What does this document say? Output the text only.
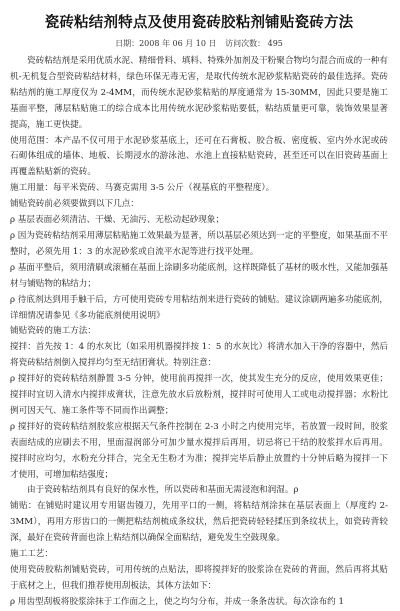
瓷砖粘结剂特点及使用瓷砖胶粘剂铺贴瓷砖方法
日期：2008 年 06 月 10 日 访问次数： 495

瓷砖粘结剂是采用优质水泥、精细骨料、填料、特殊外加剂及干粉聚合物均匀混合而成的一种有机-无机复合型瓷砖粘结材料，绿色环保无毒无害，是取代传统水泥砂浆粘贴瓷砖的最佳选择。瓷砖粘结剂的施工厚度仅为 2-4MM，而传统水泥砂浆粘贴的厚度通常为 15-30MM，因此只要是施工基面平整，薄层粘贴施工的综合成本比用传统水泥砂浆粘贴要低，粘结质量更可靠，装饰效果显著提高，施工更快捷。

使用范围：本产品不仅可用于水泥砂浆基底上，还可在石膏板、胶合板、密度板、室内外水泥或砖石砌体组成的墙体、地板、长期浸水的游泳池、水池上直接粘贴瓷砖，甚至还可以在旧瓷砖基面上再覆盖粘贴新的瓷砖。

施工用量：每平米瓷砖、马赛克需用 3-5 公斤（视基底的平整程度）。

铺贴瓷砖前必须要做到以下几点：

ρ 基层表面必须清洁、干燥、无油污、无松动起砂现象；

ρ 因为瓷砖粘结剂采用薄层粘贴施工效果最为显著，所以基层必须达到一定的平整度，如果基面不平整时，必须先用 1：3 的水泥砂浆或自流平水泥等进行找平处理。

ρ 基面平整后，须用清刷或滚桶在基面上涂刷多功能底剂，这样既降低了基材的吸水性，又能加强基材与铺贴物的粘结力；

ρ 待底剂达到用手触干后，方可使用瓷砖专用粘结剂来进行瓷砖的铺贴。建议涂刷两遍多功能底剂，详细情况请参见《多功能底剂使用说明》

铺贴瓷砖的施工方法：

搅拌：首先按 1：4 的水灰比（如采用机器搅拌按 1：5 的水灰比）将清水加入干净的容器中，然后将瓷砖粘结剂倒入搅拌均匀至无结团膏状。特别注意：

ρ 搅拌好的瓷砖粘结剂静置 3-5 分钟，使用前再搅拌一次，使其发生充分的反应，使用效果更佳；搅拌时宜切入清水内搅拌成膏状，注意先放水后放粉剂，搅拌时可使用人工或电动搅拌器；水粉比例可因天气、施工条件等不同而作出调整；

ρ 搅拌好的瓷砖粘结剂胶浆应根据天气条件控制在 2-3 小时之内使用完毕，若放置一段时间，胶浆表面结成的应刷去不用，里面湿润部分可加少量水搅拌后再用，切忌将已干结的胶浆拌水后再用。搅拌时应均匀，水粉充分拌合，完全无生粉才为准；搅拌完毕后静止放置约十分钟后略为搅拌一下才使用，可增加粘结强度；

由于瓷砖粘结剂具有良好的保水性，所以瓷砖和基面无需浸泡和润湿。ρ

铺贴：在铺贴时建议用专用锯齿镘刀，先用平口的一侧，将粘结剂涂抹在基层表面上（厚度约 2-3MM），再用方形齿口的一侧把粘结剂梳成条纹状，然后把瓷砖轻轻揉压到条纹状上，如瓷砖背较深，最好在瓷砖背面也涂上粘结剂以确保全面粘结，避免发生空鼓现象。

施工工艺：

使用瓷砖胶粘剂铺贴瓷砖，可用传统的点贴法，即将搅拌好的胶浆涂在瓷砖的背面，然后再将其贴于底材之上，但我们推荐使用刮板法，其体方法如下：

ρ 用齿型刮板将胶浆涂抹于工作面之上，使之均匀分布，并成一条条齿状。每次涂布约 1
